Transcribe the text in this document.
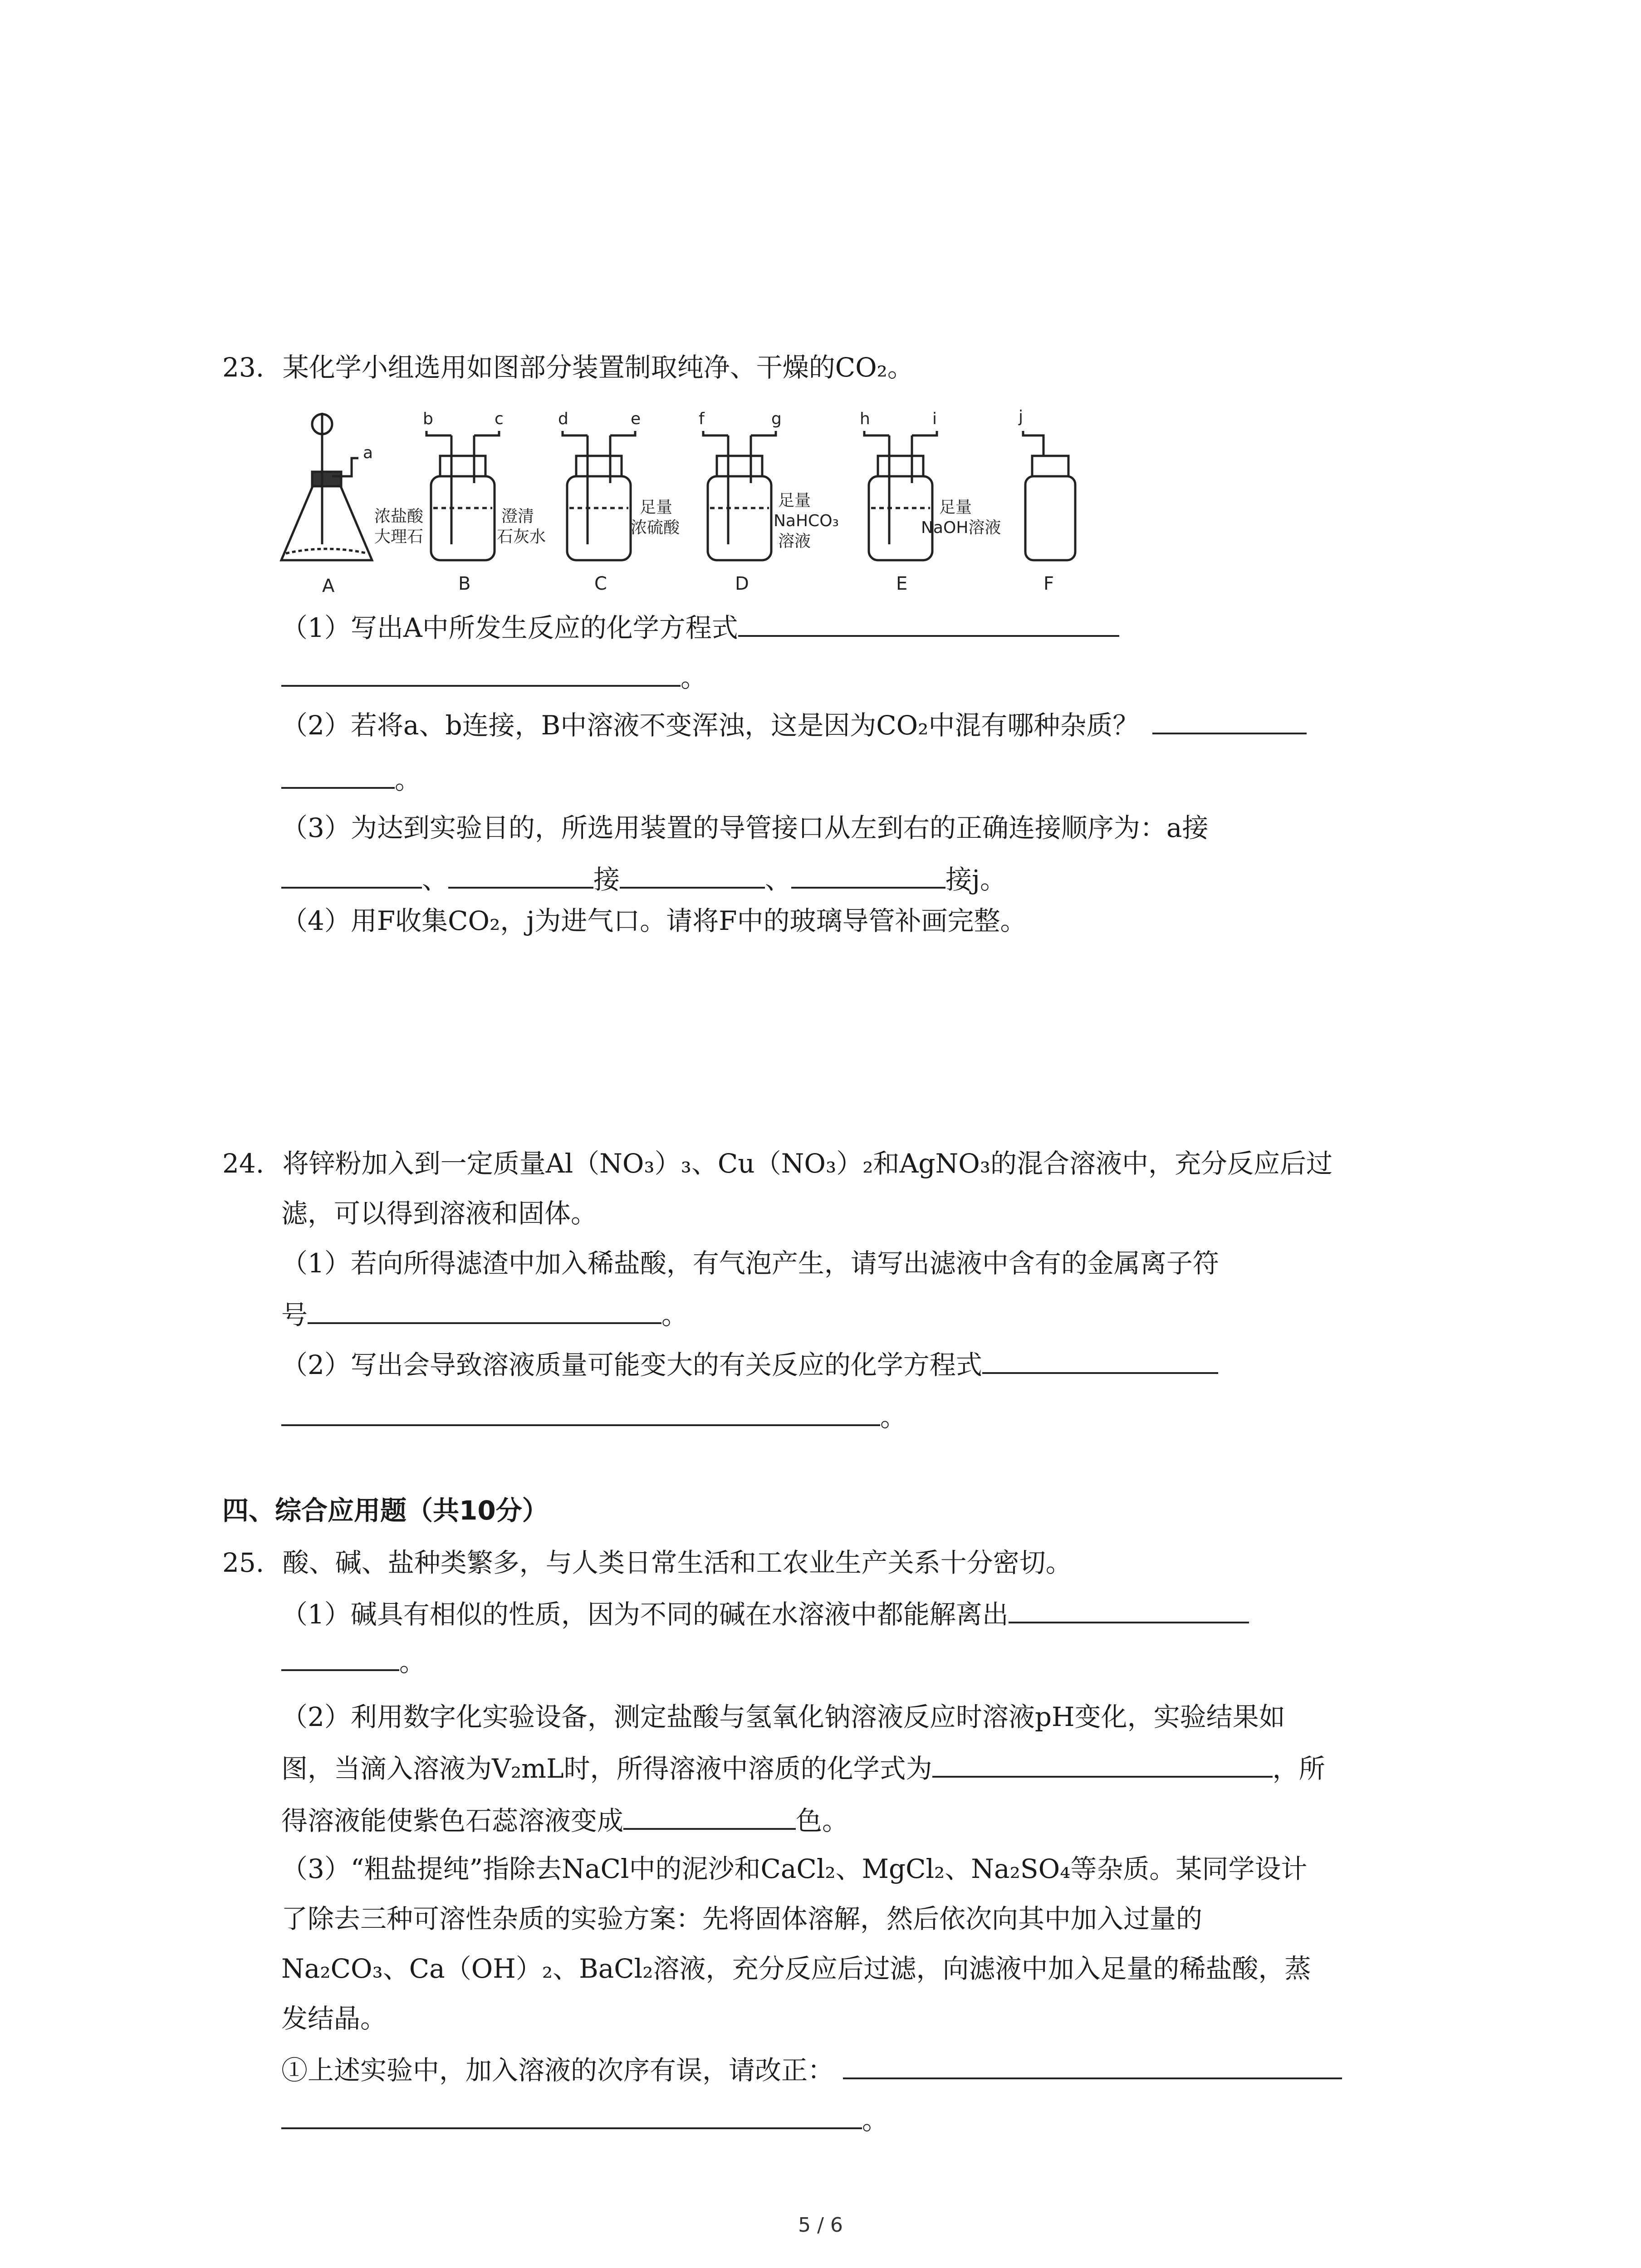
23. 某化学小组选用如图部分装置制取纯净、干燥的CO₂。
a
b	c	d	e	f	g	h	i	j
浓盐酸
大理石
澄清
石灰水
足量
浓硫酸
足量
NaHCO₃
溶液
足量
NaOH溶液
A	B	C	D	E	F
（1）写出A中所发生反应的化学方程式
。
（2）若将a、b连接，B中溶液不变浑浊，这是因为CO₂中混有哪种杂质？
。
（3）为达到实验目的，所选用装置的导管接口从左到右的正确连接顺序为：a接
、	接	、	接j。
（4）用F收集CO₂，j为进气口。请将F中的玻璃导管补画完整。
24. 将锌粉加入到一定质量Al（NO₃）₃、Cu（NO₃）₂和AgNO₃的混合溶液中，充分反应后过
滤，可以得到溶液和固体。
（1）若向所得滤渣中加入稀盐酸，有气泡产生，请写出滤液中含有的金属离子符
号	。
（2）写出会导致溶液质量可能变大的有关反应的化学方程式
。
四、综合应用题（共10分）
25. 酸、碱、盐种类繁多，与人类日常生活和工农业生产关系十分密切。
（1）碱具有相似的性质，因为不同的碱在水溶液中都能解离出
。
（2）利用数字化实验设备，测定盐酸与氢氧化钠溶液反应时溶液pH变化，实验结果如
图，当滴入溶液为V₂mL时，所得溶液中溶质的化学式为	，所
得溶液能使紫色石蕊溶液变成	色。
（3）“粗盐提纯”指除去NaCl中的泥沙和CaCl₂、MgCl₂、Na₂SO₄等杂质。某同学设计
了除去三种可溶性杂质的实验方案：先将固体溶解，然后依次向其中加入过量的
Na₂CO₃、Ca（OH）₂、BaCl₂溶液，充分反应后过滤，向滤液中加入足量的稀盐酸，蒸
发结晶。
①上述实验中，加入溶液的次序有误，请改正：
。
5 / 6
